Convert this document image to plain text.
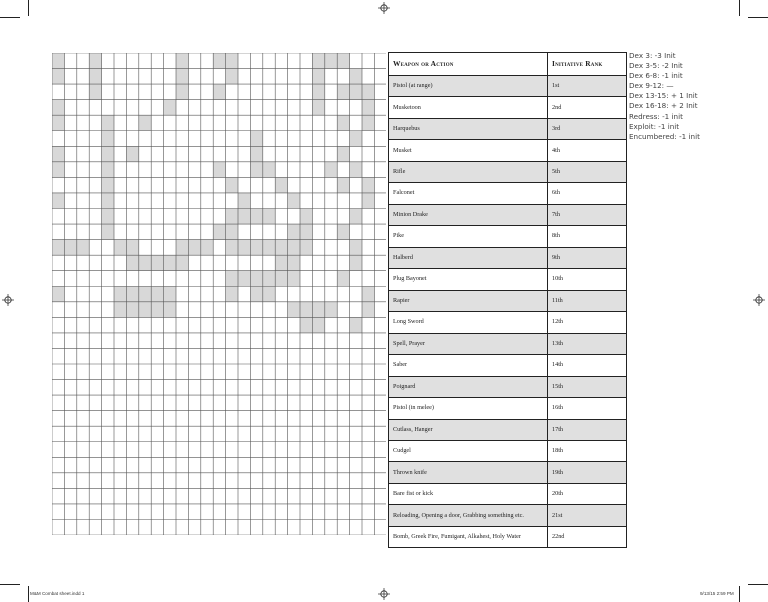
Weapon or Action	Initiative Rank
Pistol (at range)	1st
Musketoon	2nd
Harquebus	3rd
Musket	4th
Rifle	5th
Falconet	6th
Minion Drake	7th
Pike	8th
Halberd	9th
Plug Bayonet	10th
Rapier	11th
Long Sword	12th
Spell, Prayer	13th
Saber	14th
Poignard	15th
Pistol (in melee)	16th
Cutlass, Hanger	17th
Cudgel	18th
Thrown knife	19th
Bare fist or kick	20th
Reloading, Opening a door, Grabbing something etc.	21st
Bomb, Greek Fire, Fumigant, Alkahest, Holy Water	22nd
Dex 3: -3 Init
Dex 3-5: -2 Init
Dex 6-8: -1 init
Dex 9-12: —
Dex 13-15: + 1 Init
Dex 16-18: + 2 Init
Redress: -1 init
Exploit: -1 init
Encumbered: -1 init
M&M Combat sheet.indd 1	9/13/15 2:59 PM
